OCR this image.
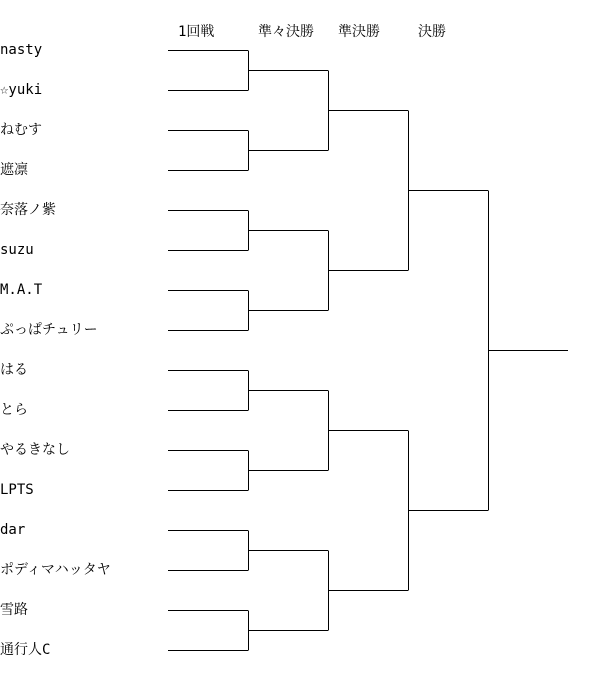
1回戦	準々決勝 準決勝	決勝
nasty
☆yuki
ねむす
遮凛
奈落ノ紫
suzu
M.A.T
ぷっぱチュリー
はる
とら
やるきなし
LPTS
dar
ポディマハッタヤ
雪路
通行人C
